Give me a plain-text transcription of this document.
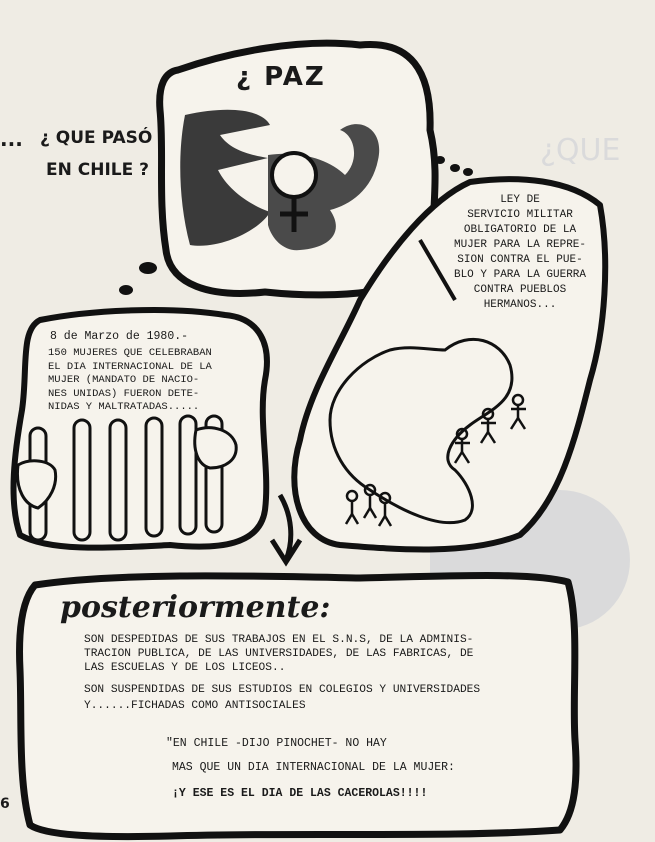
¿QUE
... ¿ QUE PASÓ
EN CHILE ?
¿ PAZ
LEY DE
SERVICIO MILITAR
OBLIGATORIO DE LA
MUJER PARA LA REPRE-
SION CONTRA EL PUE-
BLO Y PARA LA GUERRA
CONTRA PUEBLOS
HERMANOS...
8 de Marzo de 1980.-
150 MUJERES QUE CELEBRABAN
EL DIA INTERNACIONAL DE LA
MUJER (MANDATO DE NACIO-
NES UNIDAS) FUERON DETE-
NIDAS Y MALTRATADAS.....
posteriormente:
SON DESPEDIDAS DE SUS TRABAJOS EN EL S.N.S, DE LA ADMINIS-
TRACION PUBLICA, DE LAS UNIVERSIDADES, DE LAS FABRICAS, DE
LAS ESCUELAS Y DE LOS LICEOS..
SON SUSPENDIDAS DE SUS ESTUDIOS EN COLEGIOS Y UNIVERSIDADES
Y......FICHADAS COMO ANTISOCIALES
"EN CHILE -DIJO PINOCHET- NO HAY
MAS QUE UN DIA INTERNACIONAL DE LA MUJER:
¡Y ESE ES EL DIA DE LAS CACEROLAS!!!!
6
